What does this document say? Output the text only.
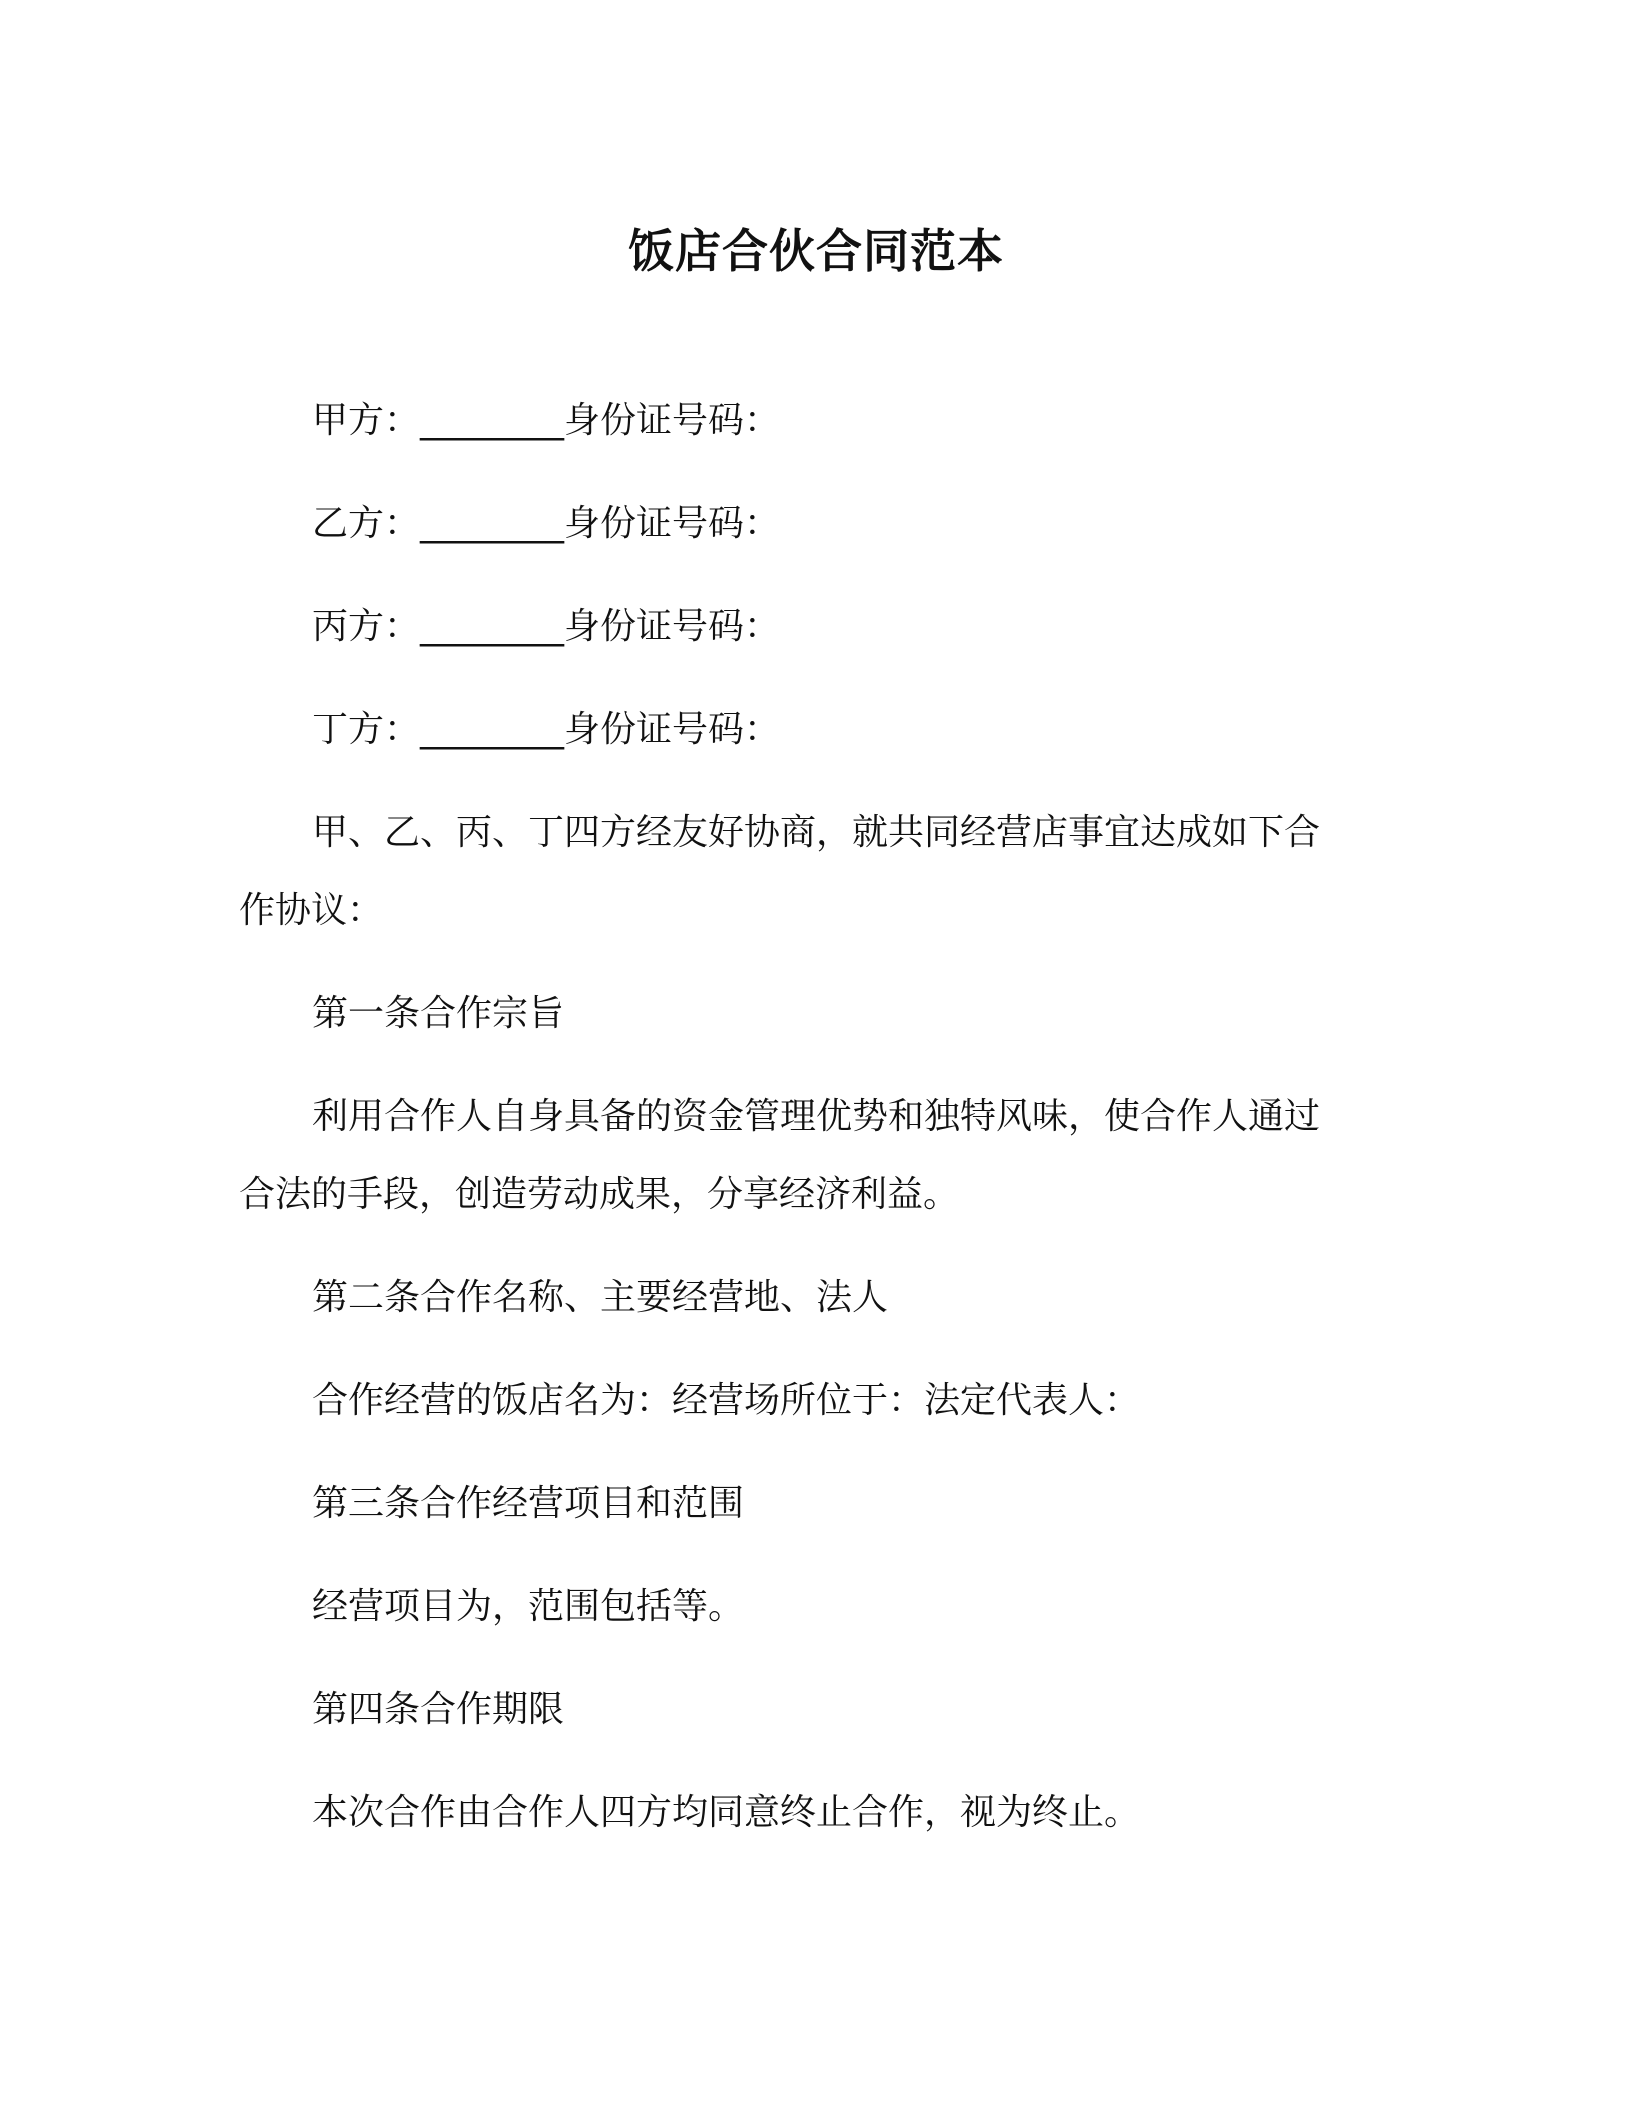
饭店合伙合同范本

甲方：________身份证号码：

乙方：________身份证号码：

丙方：________身份证号码：

丁方：________身份证号码：

甲、乙、丙、丁四方经友好协商，就共同经营店事宜达成如下合

作协议：

第一条合作宗旨

利用合作人自身具备的资金管理优势和独特风味，使合作人通过

合法的手段，创造劳动成果，分享经济利益。

第二条合作名称、主要经营地、法人

合作经营的饭店名为：经营场所位于：法定代表人：

第三条合作经营项目和范围

经营项目为，范围包括等。

第四条合作期限

本次合作由合作人四方均同意终止合作，视为终止。
